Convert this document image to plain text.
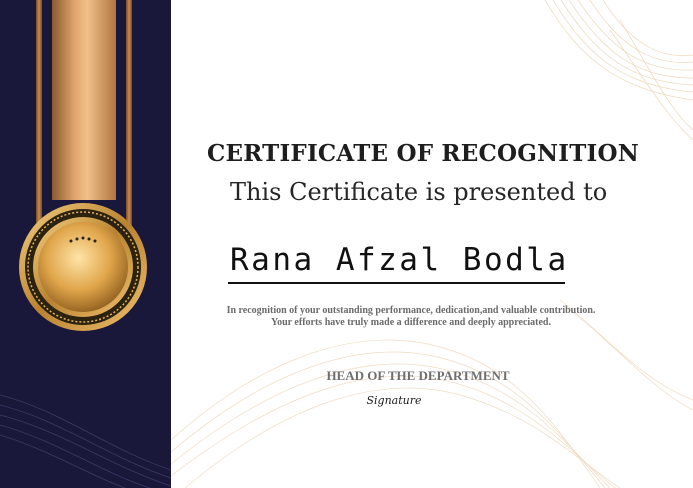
CERTIFICATE OF RECOGNITION
This Certificate is presented to
Rana Afzal Bodla
In recognition of your outstanding performance, dedication,and valuable contribution.
Your efforts have truly made a difference and deeply appreciated.
HEAD OF THE DEPARTMENT
Signature
